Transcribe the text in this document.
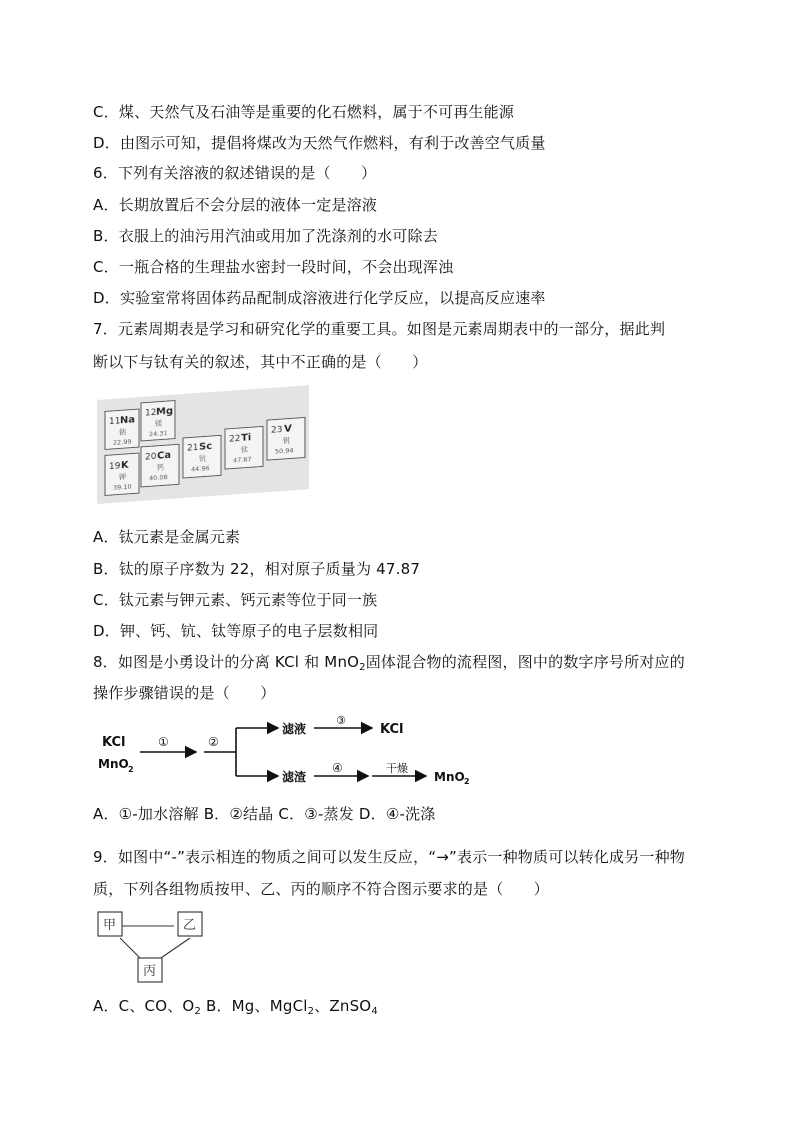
C．煤、天然气及石油等是重要的化石燃料，属于不可再生能源
D．由图示可知，提倡将煤改为天然气作燃料，有利于改善空气质量
6．下列有关溶液的叙述错误的是（　　）
A．长期放置后不会分层的液体一定是溶液
B．衣服上的油污用汽油或用加了洗涤剂的水可除去
C．一瓶合格的生理盐水密封一段时间，不会出现浑浊
D．实验室常将固体药品配制成溶液进行化学反应，以提高反应速率
7．元素周期表是学习和研究化学的重要工具。如图是元素周期表中的一部分，据此判
断以下与钛有关的叙述，其中不正确的是（　　）
11 Na
钠
22.99
12 Mg
镁
24.31
19 K
钾
39.10
20 Ca
钙
40.08
21 Sc
钪
44.96
22 Ti
钛
47.87
23 V
钒
50.94
A．钛元素是金属元素
B．钛的原子序数为 22，相对原子质量为 47.87
C．钛元素与钾元素、钙元素等位于同一族
D．钾、钙、钪、钛等原子的电子层数相同
8．如图是小勇设计的分离 KCl 和 MnO$_2$固体混合物的流程图，图中的数字序号所对应的
操作步骤错误的是（　　）
KCl
MnO 2
①	②
滤液
滤渣
③
KCl
④	干燥
MnO 2
A．①-加水溶解 B．②结晶 C．③-蒸发 D．④-洗涤
9．如图中“-”表示相连的物质之间可以发生反应，“→”表示一种物质可以转化成另一种物
质，下列各组物质按甲、乙、丙的顺序不符合图示要求的是（　　）
甲	乙
丙
A．C、CO、$O_2$ B．Mg、MgCl$_2$、ZnSO$_4$
